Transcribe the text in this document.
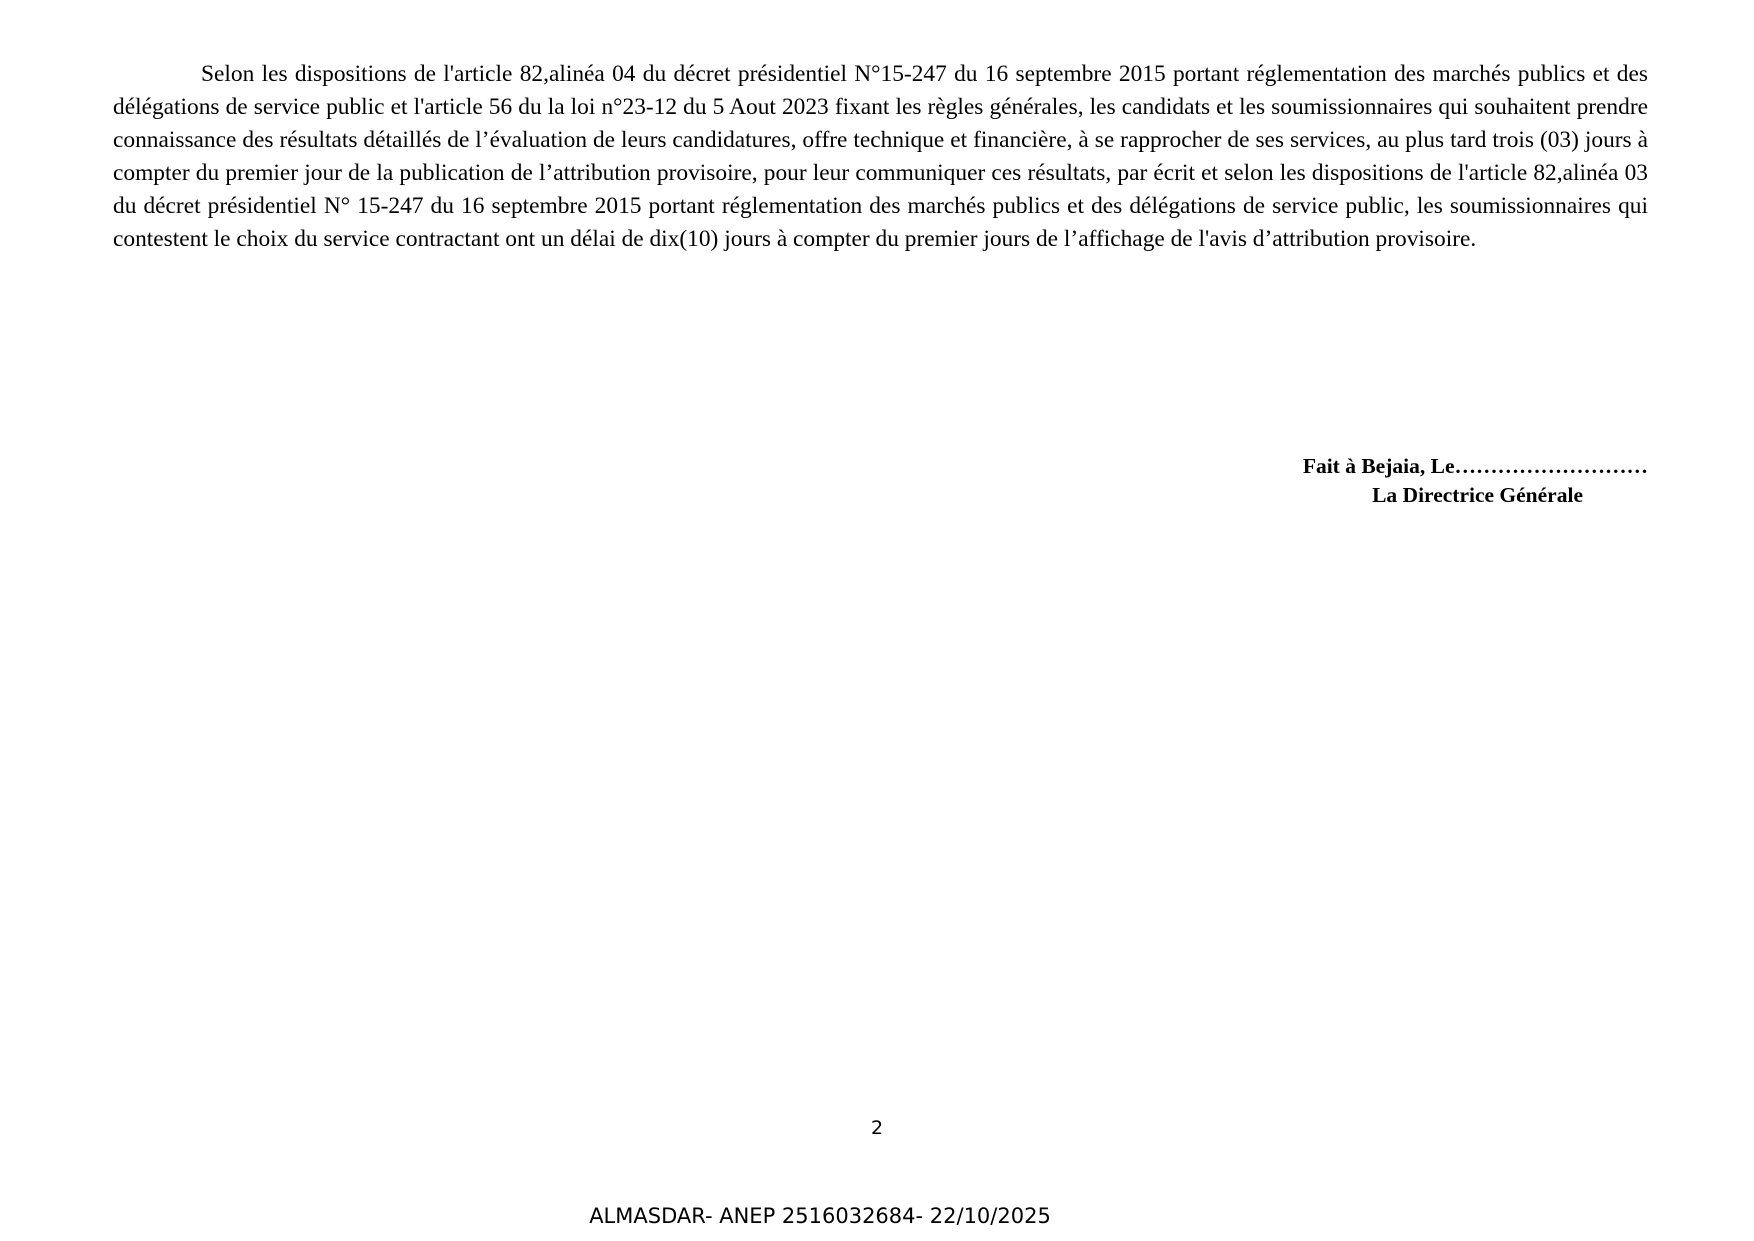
Selon les dispositions de l'article 82,alinéa 04 du décret présidentiel N°15-247 du 16 septembre 2015 portant réglementation des marchés publics et des délégations de service public et l'article 56 du la loi n°23-12 du 5 Aout 2023 fixant les règles générales, les candidats et les soumissionnaires qui souhaitent prendre connaissance des résultats détaillés de l’évaluation de leurs candidatures, offre technique et financière, à se rapprocher de ses services, au plus tard trois (03) jours à compter du premier jour de la publication de l’attribution provisoire, pour leur communiquer ces résultats, par écrit et selon les dispositions de l'article 82,alinéa 03 du décret présidentiel N° 15-247 du 16 septembre 2015 portant réglementation des marchés publics et des délégations de service public, les soumissionnaires qui contestent le choix du service contractant ont un délai de dix(10) jours à compter du premier jours de l’affichage de l'avis d’attribution provisoire.

Fait à Bejaia, Le………………………
La Directrice Générale
2
ALMASDAR- ANEP 2516032684- 22/10/2025
